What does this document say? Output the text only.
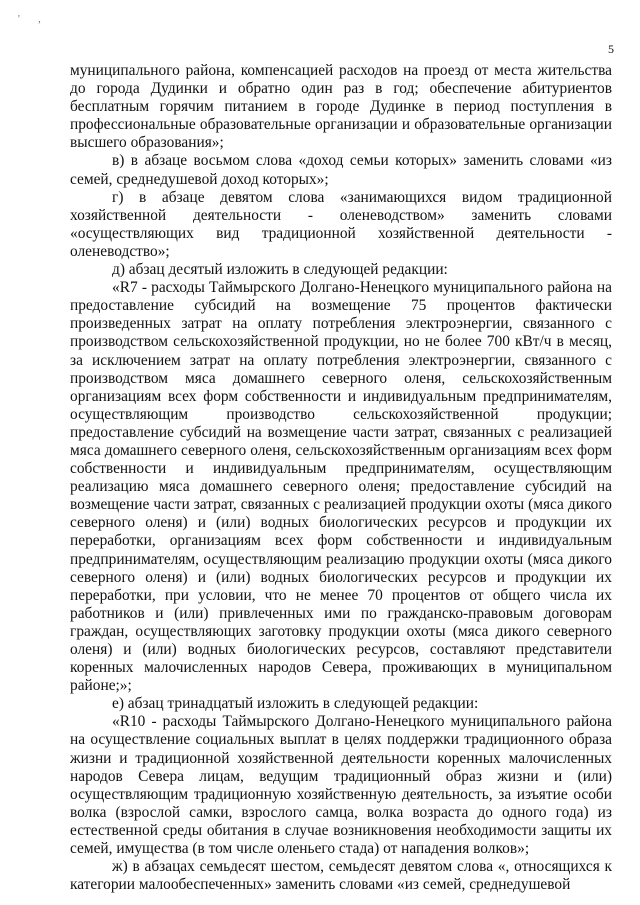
' ,
5

муниципального района, компенсацией расходов на проезд от места жительства до города Дудинки и обратно один раз в год; обеспечение абитуриентов бесплатным горячим питанием в городе Дудинке в период поступления в профессиональные образовательные организации и образовательные организации высшего образования»;

в) в абзаце восьмом слова «доход семьи которых» заменить словами «из семей, среднедушевой доход которых»;

г) в абзаце девятом слова «занимающихся видом традиционной хозяйственной деятельности - оленеводством» заменить словами «осуществляющих вид традиционной хозяйственной деятельности - оленеводство»;

д) абзац десятый изложить в следующей редакции:

«R7 - расходы Таймырского Долгано-Ненецкого муниципального района на предоставление субсидий на возмещение 75 процентов фактически произведенных затрат на оплату потребления электроэнергии, связанного с производством сельскохозяйственной продукции, но не более 700 кВт/ч в месяц, за исключением затрат на оплату потребления электроэнергии, связанного с производством мяса домашнего северного оленя, сельскохозяйственным организациям всех форм собственности и индивидуальным предпринимателям, осуществляющим производство сельскохозяйственной продукции; предоставление субсидий на возмещение части затрат, связанных с реализацией мяса домашнего северного оленя, сельскохозяйственным организациям всех форм собственности и индивидуальным предпринимателям, осуществляющим реализацию мяса домашнего северного оленя; предоставление субсидий на возмещение части затрат, связанных с реализацией продукции охоты (мяса дикого северного оленя) и (или) водных биологических ресурсов и продукции их переработки, организациям всех форм собственности и индивидуальным предпринимателям, осуществляющим реализацию продукции охоты (мяса дикого северного оленя) и (или) водных биологических ресурсов и продукции их переработки, при условии, что не менее 70 процентов от общего числа их работников и (или) привлеченных ими по гражданско-правовым договорам граждан, осуществляющих заготовку продукции охоты (мяса дикого северного оленя) и (или) водных биологических ресурсов, составляют представители коренных малочисленных народов Севера, проживающих в муниципальном районе;»;

е) абзац тринадцатый изложить в следующей редакции:

«R10 - расходы Таймырского Долгано-Ненецкого муниципального района на осуществление социальных выплат в целях поддержки традиционного образа жизни и традиционной хозяйственной деятельности коренных малочисленных народов Севера лицам, ведущим традиционный образ жизни и (или) осуществляющим традиционную хозяйственную деятельность, за изъятие особи волка (взрослой самки, взрослого самца, волка возраста до одного года) из естественной среды обитания в случае возникновения необходимости защиты их семей, имущества (в том числе оленьего стада) от нападения волков»;

ж) в абзацах семьдесят шестом, семьдесят девятом слова «, относящихся к категории малообеспеченных» заменить словами «из семей, среднедушевой
